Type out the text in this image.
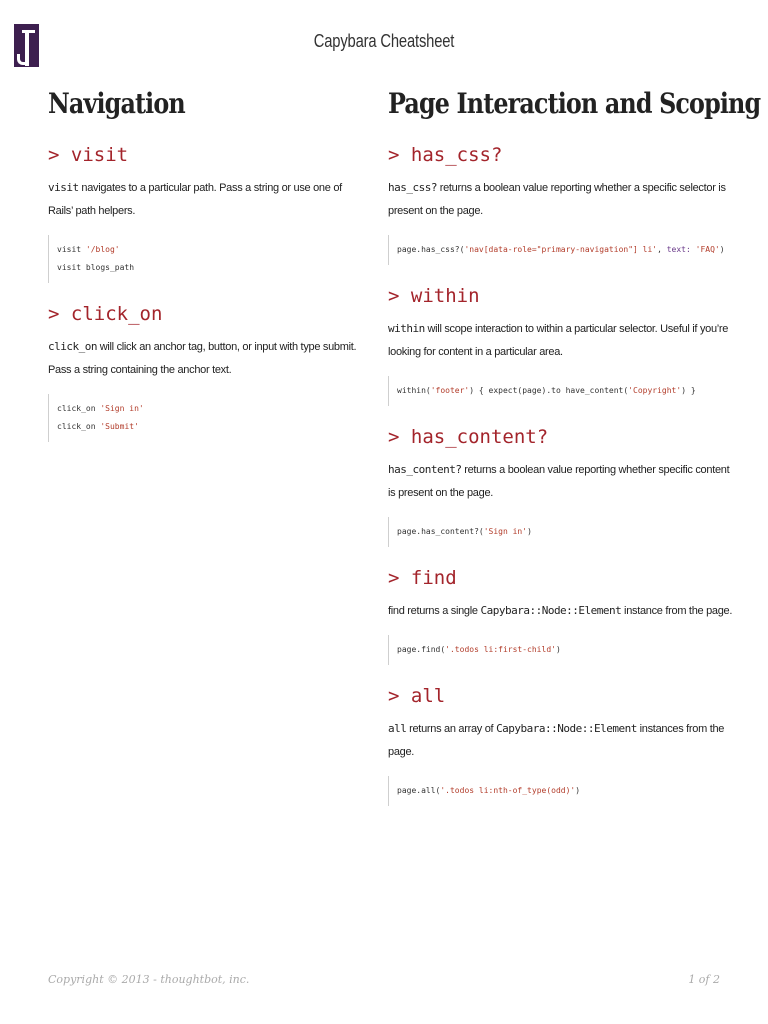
Capybara Cheatsheet
Navigation
> visit

visit navigates to a particular path. Pass a string or use one of Rails’ path helpers.

visit '/blog'
visit blogs_path
> click_on

click_on will click an anchor tag, button, or input with type submit. Pass a string containing the anchor text.

click_on 'Sign in'
click_on 'Submit'
Page Interaction and Scoping
> has_css?

has_css? returns a boolean value reporting whether a specific selector is present on the page.

page.has_css?('nav[data-role="primary-navigation"] li', text: 'FAQ')
> within

within will scope interaction to within a particular selector. Useful if you’re looking for content in a particular area.

within('footer') { expect(page).to have_content('Copyright') }
> has_content?

has_content? returns a boolean value reporting whether specific content is present on the page.

page.has_content?('Sign in')
> find

find returns a single Capybara::Node::Element instance from the page.

page.find('.todos li:first-child')
> all

all returns an array of Capybara::Node::Element instances from the page.

page.all('.todos li:nth-of_type(odd)')
Copyright © 2013 - thoughtbot, inc.	1 of 2
